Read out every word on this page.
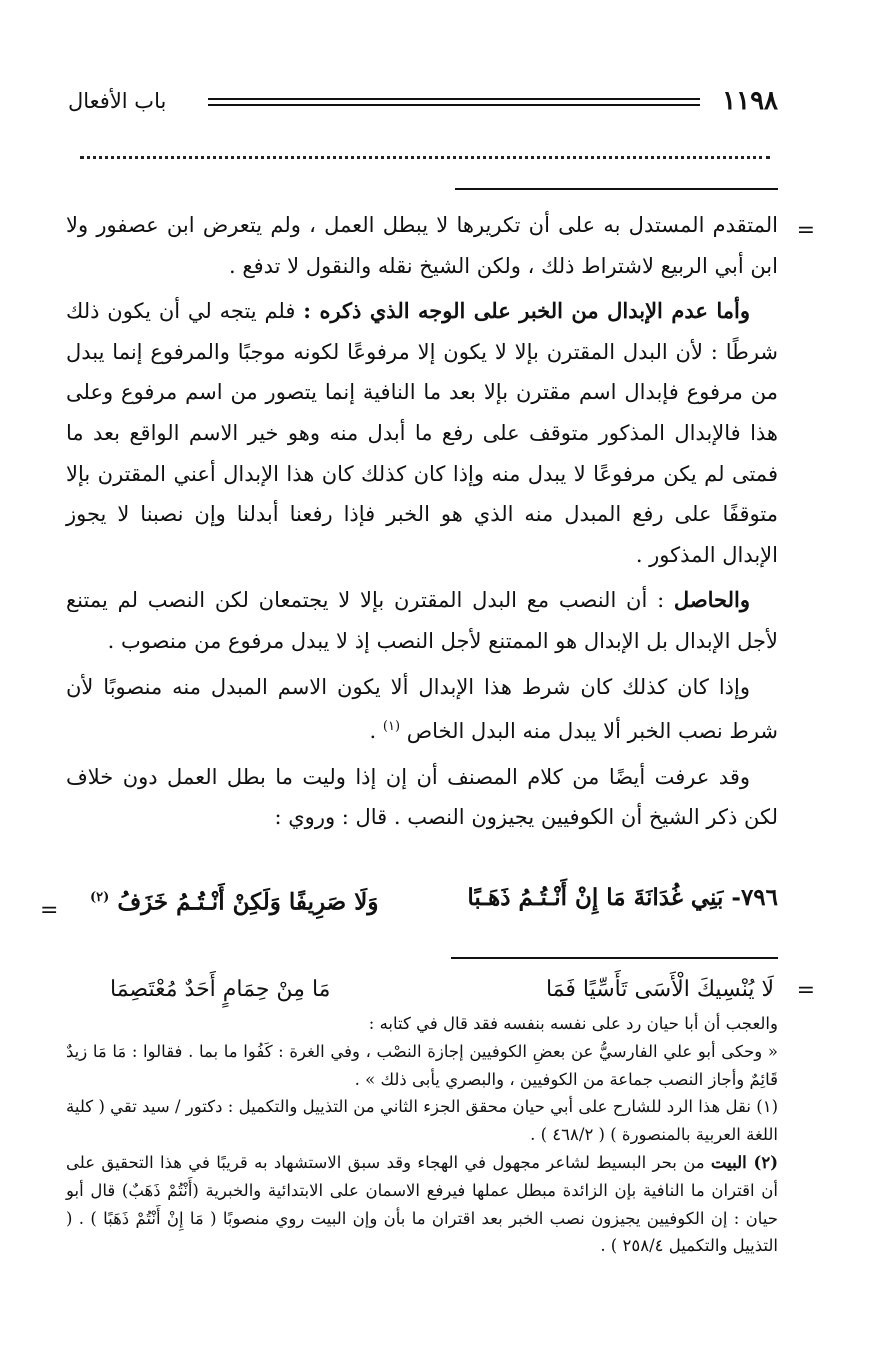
١١٩٨
باب الأفعال
=

المتقدم المستدل به على أن تكريرها لا يبطل العمل ، ولم يتعرض ابن عصفور ولا ابن أبي الربيع لاشتراط ذلك ، ولكن الشيخ نقله والنقول لا تدفع .

وأما عدم الإبدال من الخبر على الوجه الذي ذكره : فلم يتجه لي أن يكون ذلك شرطًا : لأن البدل المقترن بإلا لا يكون إلا مرفوعًا لكونه موجبًا والمرفوع إنما يبدل من مرفوع فإبدال اسم مقترن بإلا بعد ما النافية إنما يتصور من اسم مرفوع وعلى هذا فالإبدال المذكور متوقف على رفع ما أبدل منه وهو خير الاسم الواقع بعد ما فمتى لم يكن مرفوعًا لا يبدل منه وإذا كان كذلك كان هذا الإبدال أعني المقترن بإلا متوقفًا على رفع المبدل منه الذي هو الخبر فإذا رفعنا أبدلنا وإن نصبنا لا يجوز الإبدال المذكور .

والحاصل : أن النصب مع البدل المقترن بإلا لا يجتمعان لكن النصب لم يمتنع لأجل الإبدال بل الإبدال هو الممتنع لأجل النصب إذ لا يبدل مرفوع من منصوب .

وإذا كان كذلك كان شرط هذا الإبدال ألا يكون الاسم المبدل منه منصوبًا لأن شرط نصب الخبر ألا يبدل منه البدل الخاص $^{(١)}$ .

وقد عرفت أيضًا من كلام المصنف أن إن إذا وليت ما بطل العمل دون خلاف لكن ذكر الشيخ أن الكوفيين يجيزون النصب . قال : وروي :

٧٩٦- بَنِي غُدَانَةَ مَا إِنْ أَنْـتُـمُ ذَهَـبًا
وَلَا صَرِيفًا وَلَكِنْ أَنْـتُـمُ خَزَفُ $^{(٢)}$
=
=
لَا يُنْسِيكَ الْأَسَى تَأَسِّيًا فَمَا
مَا مِنْ حِمَامٍ أَحَدٌ مُعْتَصِمَا

والعجب أن أبا حيان رد على نفسه بنفسه فقد قال في كتابه :

« وحكى أبو علي الفارسيُّ عن بعضِ الكوفيين إجازة النصْب ، وفي الغرة : كَفُوا ما بما . فقالوا : مَا مَا زيدٌ قَائِمٌ وأجاز النصب جماعة من الكوفيين ، والبصري يأبى ذلك » .

(١) نقل هذا الرد للشارح على أبي حيان محقق الجزء الثاني من التذييل والتكميل : دكتور / سيد تقي ( كلية اللغة العربية بالمنصورة ) ( ٤٦٨/٢ ) .

(٢) البيت من بحر البسيط لشاعر مجهول في الهجاء وقد سبق الاستشهاد به قريبًا في هذا التحقيق على أن اقتران ما النافية بإن الزائدة مبطل عملها فيرفع الاسمان على الابتدائية والخبرية (أَنْتُمْ ذَهَبٌ) قال أبو حيان : إن الكوفيين يجيزون نصب الخبر بعد اقتران ما بأن وإن البيت روي منصوبًا ( مَا إِنْ أَنْتُمْ ذَهَبًا ) . ( التذييل والتكميل ٢٥٨/٤ ) .
